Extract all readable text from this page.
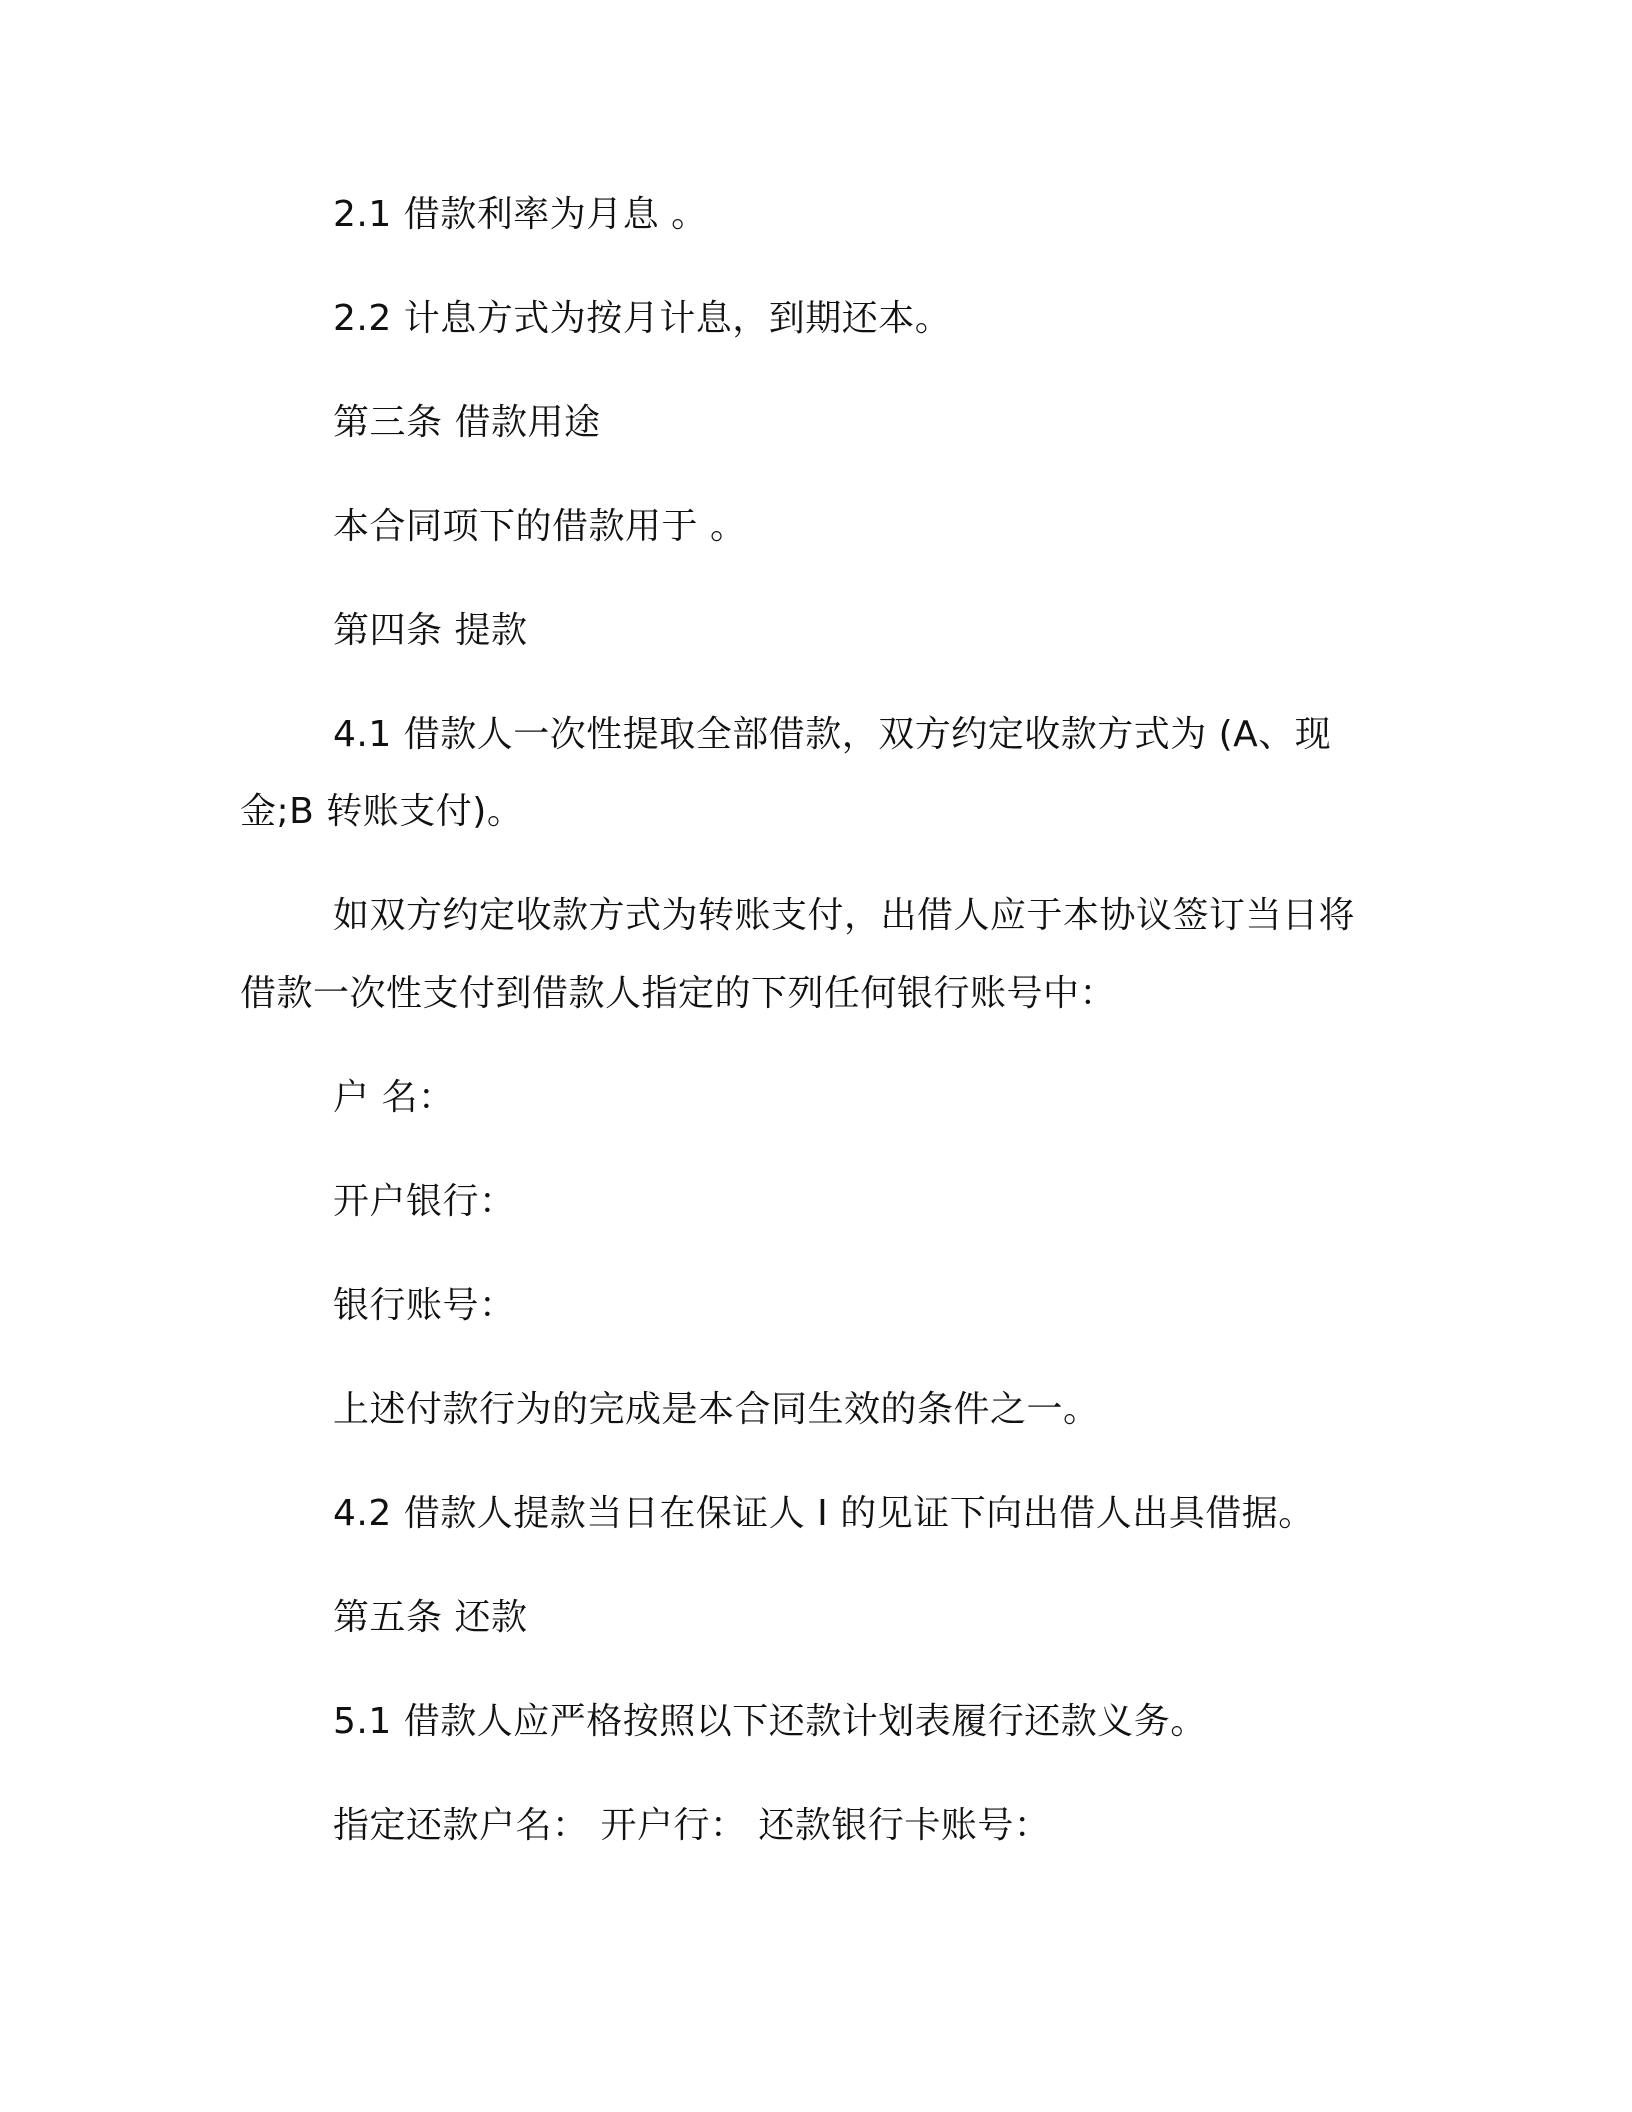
2.1 借款利率为月息 。
2.2 计息方式为按月计息，到期还本。
第三条 借款用途
本合同项下的借款用于 。
第四条 提款
4.1 借款人一次性提取全部借款，双方约定收款方式为 (A、现
金;B 转账支付)。
如双方约定收款方式为转账支付，出借人应于本协议签订当日将
借款一次性支付到借款人指定的下列任何银行账号中：
户 名：
开户银行：
银行账号：
上述付款行为的完成是本合同生效的条件之一。
4.2 借款人提款当日在保证人 I 的见证下向出借人出具借据。
第五条 还款
5.1 借款人应严格按照以下还款计划表履行还款义务。
指定还款户名： 开户行： 还款银行卡账号：
